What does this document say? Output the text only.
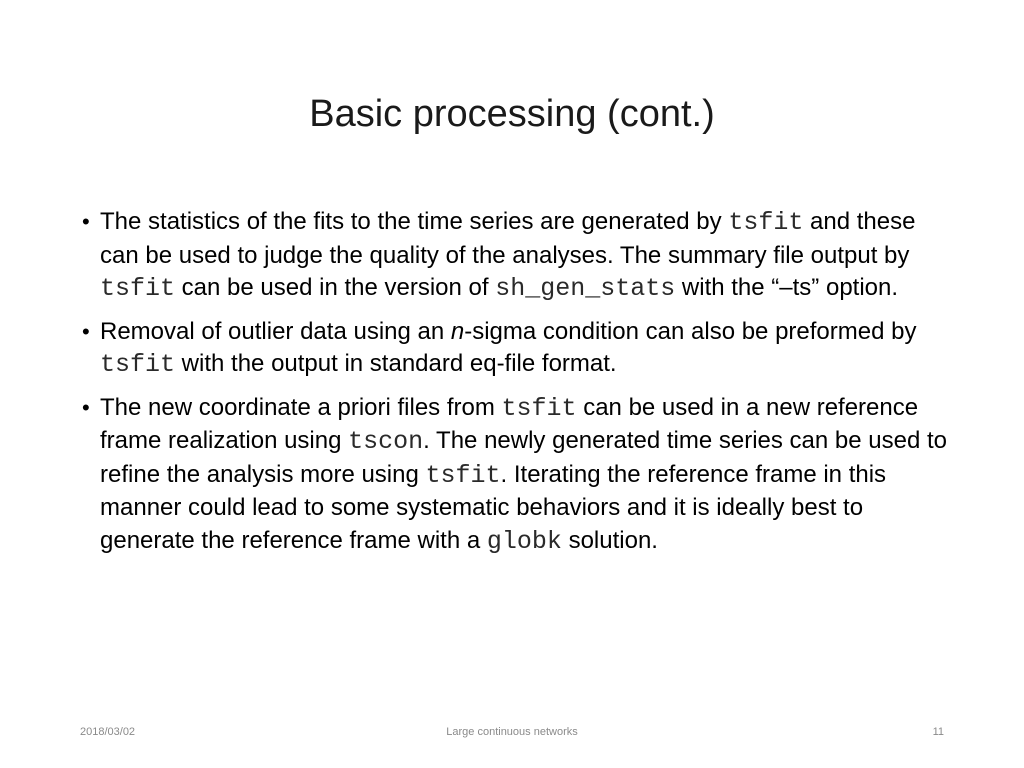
Basic processing (cont.)
• The statistics of the fits to the time series are generated by tsfit and these can be used to judge the quality of the analyses. The summary file output by tsfit can be used in the version of sh_gen_stats with the “–ts” option.
• Removal of outlier data using an n-sigma condition can also be preformed by tsfit with the output in standard eq-file format.
• The new coordinate a priori files from tsfit can be used in a new reference frame realization using tscon. The newly generated time series can be used to refine the analysis more using tsfit. Iterating the reference frame in this manner could lead to some systematic behaviors and it is ideally best to generate the reference frame with a globk solution.
2018/03/02	Large continuous networks	11
